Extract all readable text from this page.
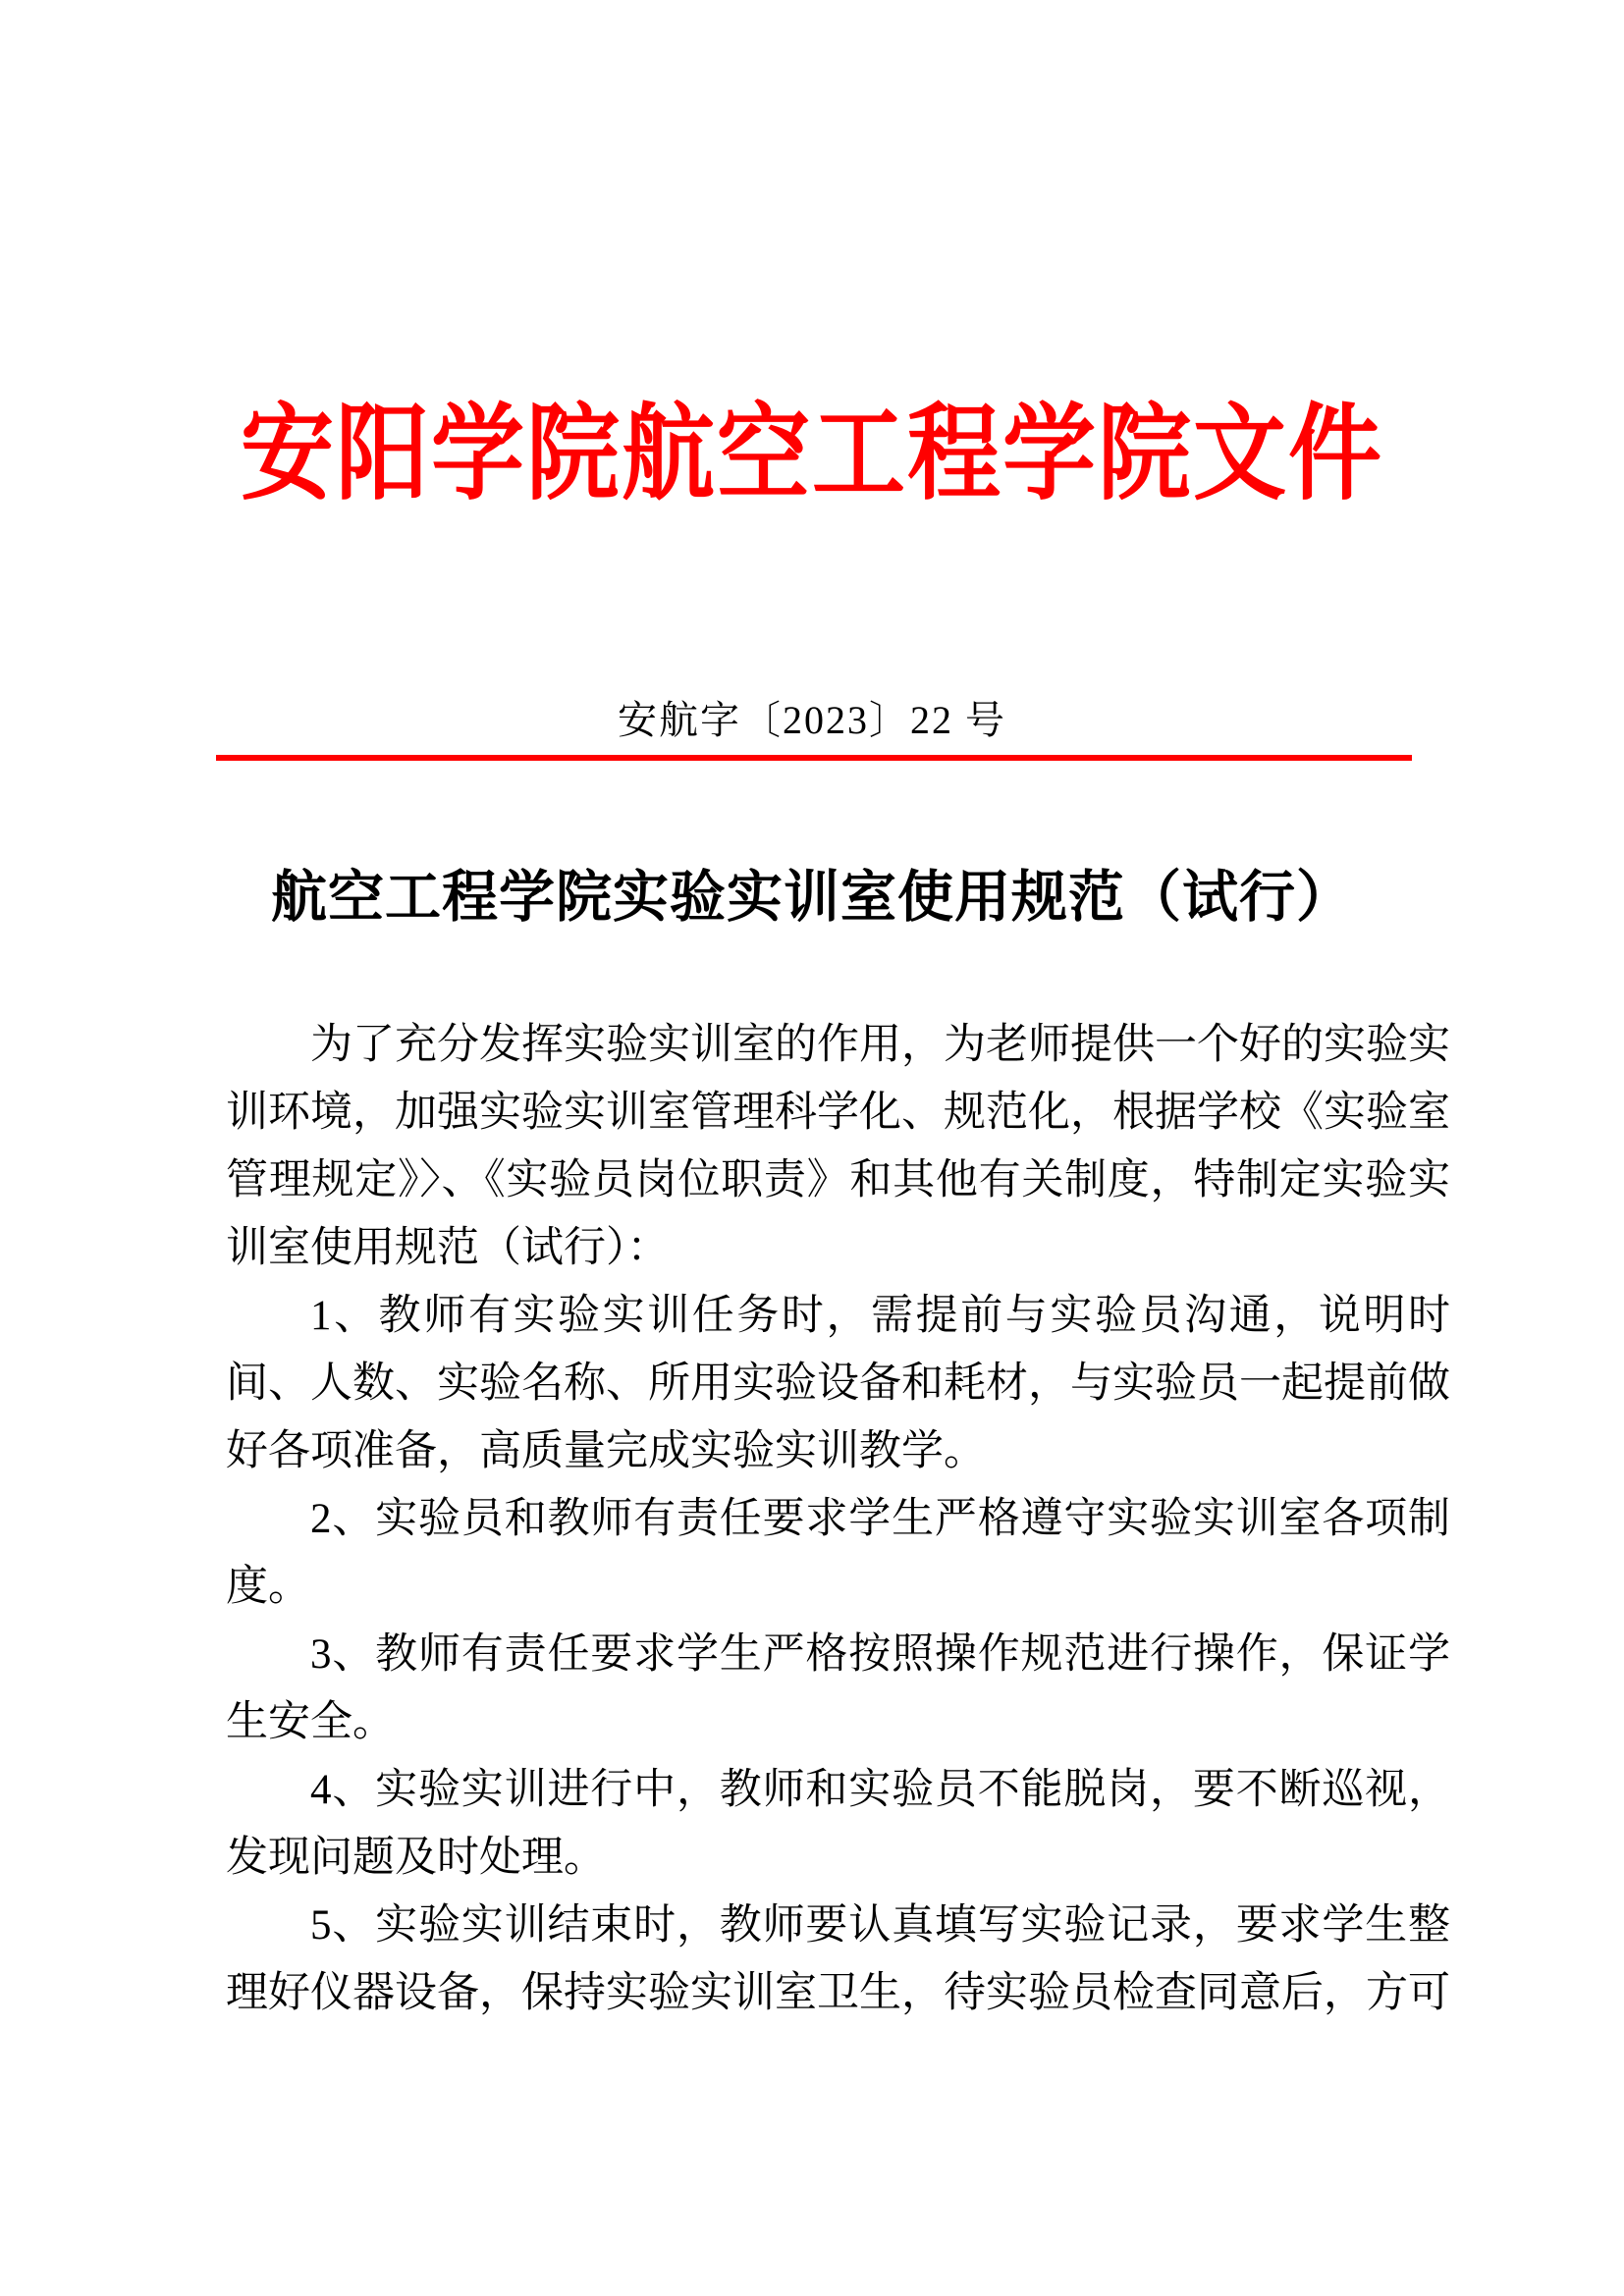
安阳学院航空工程学院文件
安航字〔2023〕22 号
航空工程学院实验实训室使用规范（试行）

为了充分发挥实验实训室的作用，为老师提供一个好的实验实训环境，加强实验实训室管理科学化、规范化，根据学校《实验室管理规定》〉、《实验员岗位职责》和其他有关制度，特制定实验实训室使用规范（试行）：

1、教师有实验实训任务时，需提前与实验员沟通，说明时间、人数、实验名称、所用实验设备和耗材，与实验员一起提前做好各项准备，高质量完成实验实训教学。

2、实验员和教师有责任要求学生严格遵守实验实训室各项制度。

3、教师有责任要求学生严格按照操作规范进行操作，保证学生安全。

4、实验实训进行中，教师和实验员不能脱岗，要不断巡视，发现问题及时处理。

5、实验实训结束时，教师要认真填写实验记录，要求学生整理好仪器设备，保持实验实训室卫生，待实验员检查同意后，方可
